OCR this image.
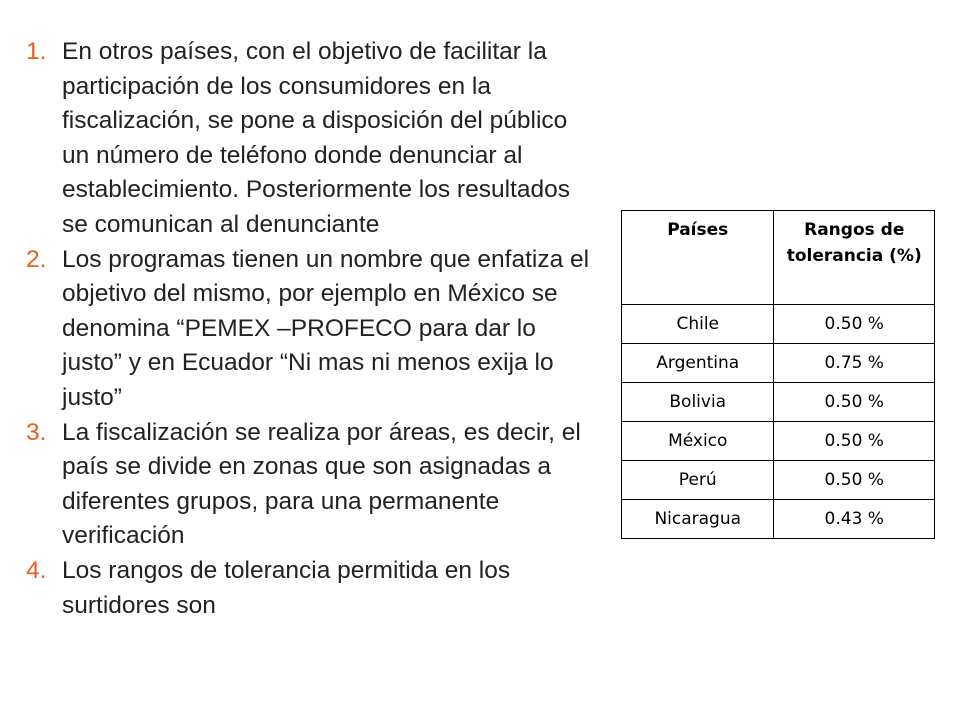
1. En otros países, con el objetivo de facilitar la participación de los consumidores en la fiscalización, se pone a disposición del público un número de teléfono donde denunciar al establecimiento. Posteriormente los resultados se comunican al denunciante
2. Los programas tienen un nombre que enfatiza el objetivo del mismo, por ejemplo en México se denomina “PEMEX –PROFECO para dar lo justo” y en Ecuador “Ni mas ni menos exija lo justo”
3. La fiscalización se realiza por áreas, es decir, el país se divide en zonas que son asignadas a diferentes grupos, para una permanente verificación
4. Los rangos de tolerancia permitida en los surtidores son
Países	Rangos de tolerancia (%)
Chile	0.50 %
Argentina	0.75 %
Bolivia	0.50 %
México	0.50 %
Perú	0.50 %
Nicaragua	0.43 %
